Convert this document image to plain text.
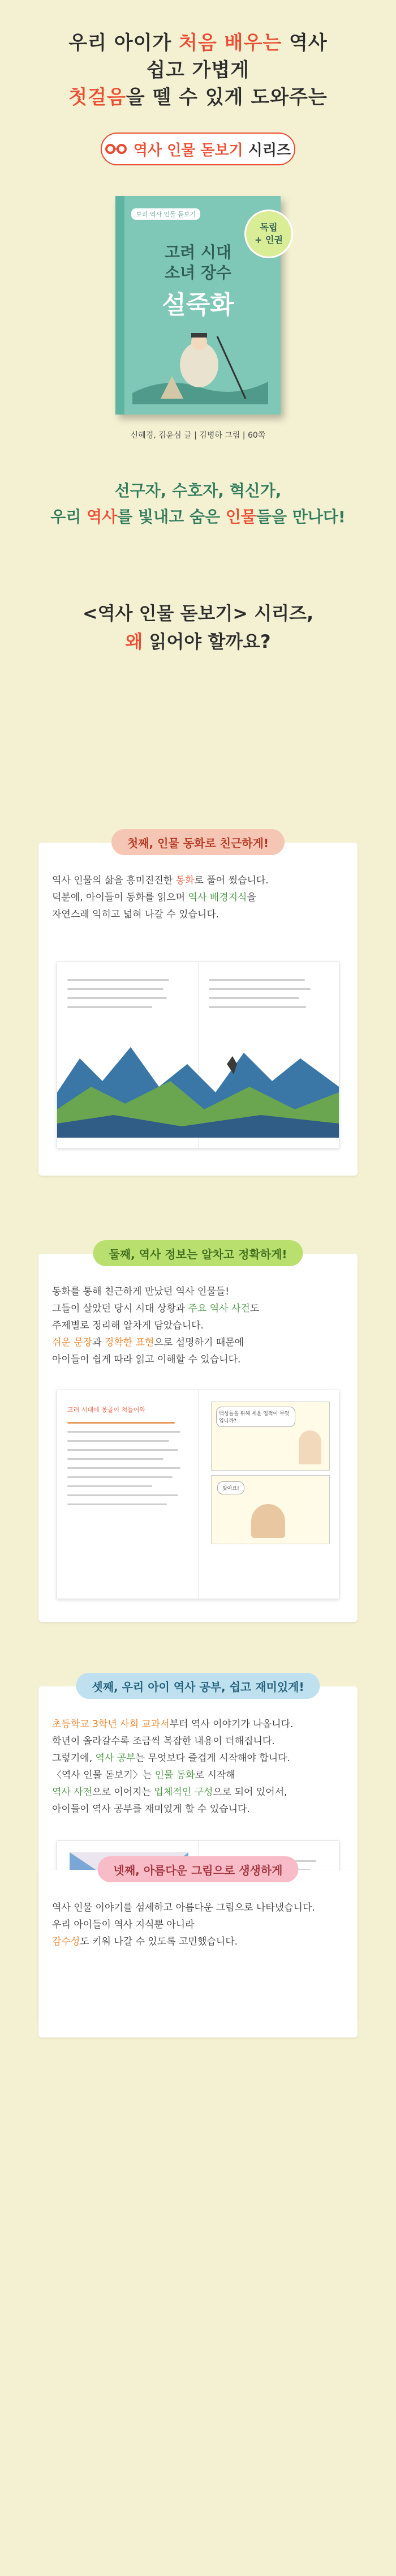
우리 아이가 처음 배우는 역사
쉽고 가볍게
첫걸음을 뗄 수 있게 도와주는
역사 인물 돋보기 시리즈
보리 역사 인물 돋보기
독립
+ 인권
고려 시대
소녀 장수
설죽화
신혜경, 김윤심 글 | 김병하 그림 | 60쪽
선구자, 수호자, 혁신가,
우리 역사를 빛내고 숨은 인물들을 만나다!
<역사 인물 돋보기> 시리즈,
왜 읽어야 할까요?
첫째, 인물 동화로 친근하게!

역사 인물의 삶을 흥미진진한 동화로 풀어 썼습니다.

덕분에, 아이들이 동화를 읽으며 역사 배경지식을

자연스레 익히고 넓혀 나갈 수 있습니다.

둘째, 역사 정보는 알차고 정확하게!

동화를 통해 친근하게 만났던 역사 인물들!

그들이 살았던 당시 시대 상황과 주요 역사 사건도

주제별로 정리해 알차게 담았습니다.

쉬운 문장과 정확한 표현으로 설명하기 때문에

아이들이 쉽게 따라 읽고 이해할 수 있습니다.

고려 시대에 몽골이 쳐들어와
백성들을 위해 세운 업적이 무엇입니까?
맞아요!
셋째, 우리 아이 역사 공부, 쉽고 재미있게!

초등학교 3학년 사회 교과서부터 역사 이야기가 나옵니다.

학년이 올라갈수록 조금씩 복잡한 내용이 더해집니다.

그렇기에, 역사 공부는 무엇보다 즐겁게 시작해야 합니다.

〈역사 인물 돋보기〉는 인물 동화로 시작해

역사 사전으로 이어지는 입체적인 구성으로 되어 있어서,

아이들이 역사 공부를 재미있게 할 수 있습니다.

넷째, 아름다운 그림으로 생생하게

역사 인물 이야기를 섬세하고 아름다운 그림으로 나타냈습니다.

우리 아이들이 역사 지식뿐 아니라

감수성도 키워 나갈 수 있도록 고민했습니다.
